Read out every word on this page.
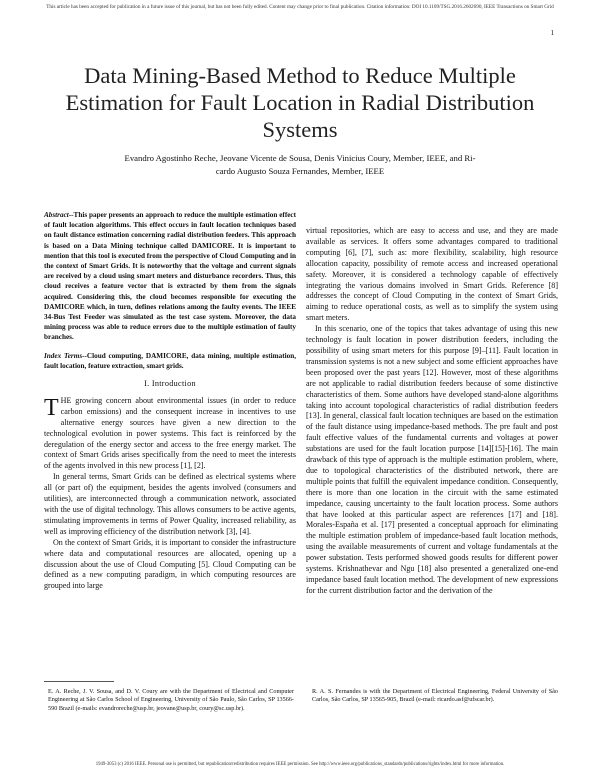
This article has been accepted for publication in a future issue of this journal, but has not been fully edited. Content may change prior to final publication. Citation information: DOI 10.1109/TSG.2016.2602690, IEEE Transactions on Smart Grid
1
Data Mining-Based Method to Reduce Multiple Estimation for Fault Location in Radial Distribution Systems
Evandro Agostinho Reche, Jeovane Vicente de Sousa, Denis Vinicius Coury, Member, IEEE, and Ri-
cardo Augusto Souza Fernandes, Member, IEEE

Abstract--This paper presents an approach to reduce the multiple estimation effect of fault location algorithms. This effect occurs in fault location techniques based on fault distance estimation concerning radial distribution feeders. This approach is based on a Data Mining technique called DAMICORE. It is important to mention that this tool is executed from the perspective of Cloud Computing and in the context of Smart Grids. It is noteworthy that the voltage and current signals are received by a cloud using smart meters and disturbance recorders. Thus, this cloud receives a feature vector that is extracted by them from the signals acquired. Considering this, the cloud becomes responsible for executing the DAMICORE which, in turn, defines relations among the faulty events. The IEEE 34-Bus Test Feeder was simulated as the test case system. Moreover, the data mining process was able to reduce errors due to the multiple estimation of faulty branches.

Index Terms--Cloud computing, DAMICORE, data mining, multiple estimation, fault location, feature extraction, smart grids.

I. Introduction

THE growing concern about environmental issues (in order to reduce carbon emissions) and the consequent increase in incentives to use alternative energy sources have given a new direction to the technological evolution in power systems. This fact is reinforced by the deregulation of the energy sector and access to the free energy market. The context of Smart Grids arises specifically from the need to meet the interests of the agents involved in this new process [1], [2].

In general terms, Smart Grids can be defined as electrical systems where all (or part of) the equipment, besides the agents involved (consumers and utilities), are interconnected through a communication network, associated with the use of digital technology. This allows consumers to be active agents, stimulating improvements in terms of Power Quality, increased reliability, as well as improving efficiency of the distribution network [3], [4].

On the context of Smart Grids, it is important to consider the infrastructure where data and computational resources are allocated, opening up a discussion about the use of Cloud Computing [5]. Cloud Computing can be defined as a new computing paradigm, in which computing resources are grouped into large

virtual repositories, which are easy to access and use, and they are made available as services. It offers some advantages compared to traditional computing [6], [7], such as: more flexibility, scalability, high resource allocation capacity, possibility of remote access and increased operational safety. Moreover, it is considered a technology capable of effectively integrating the various domains involved in Smart Grids. Reference [8] addresses the concept of Cloud Computing in the context of Smart Grids, aiming to reduce operational costs, as well as to simplify the system using smart meters.

In this scenario, one of the topics that takes advantage of using this new technology is fault location in power distribution feeders, including the possibility of using smart meters for this purpose [9]–[11]. Fault location in transmission systems is not a new subject and some efficient approaches have been proposed over the past years [12]. However, most of these algorithms are not applicable to radial distribution feeders because of some distinctive characteristics of them. Some authors have developed stand-alone algorithms taking into account topological characteristics of radial distribution feeders [13]. In general, classical fault location techniques are based on the estimation of the fault distance using impedance-based methods. The pre fault and post fault effective values of the fundamental currents and voltages at power substations are used for the fault location purpose [14][15]-[16]. The main drawback of this type of approach is the multiple estimation problem, where, due to topological characteristics of the distributed network, there are multiple points that fulfill the equivalent impedance condition. Consequently, there is more than one location in the circuit with the same estimated impedance, causing uncertainty to the fault location process. Some authors that have looked at this particular aspect are references [17] and [18]. Morales-España et al. [17] presented a conceptual approach for eliminating the multiple estimation problem of impedance-based fault location methods, using the available measurements of current and voltage fundamentals at the power substation. Tests performed showed goods results for different power systems. Krishnathevar and Ngu [18] also presented a generalized one-end impedance based fault location method. The development of new expressions for the current distribution factor and the derivation of the

E. A. Reche, J. V. Sousa, and D. V. Coury are with the Department of Electrical and Computer Engineering at São Carlos School of Engineering, University of São Paulo, São Carlos, SP 13566-590 Brazil (e-mails: evandroreche@usp.br, jeovane@usp.br, coury@sc.usp.br).
R. A. S. Fernandes is with the Department of Electrical Engineering, Federal University of São Carlos, São Carlos, SP 13565-905, Brazil (e-mail: ricardo.asf@ufscar.br).
1949-3053 (c) 2016 IEEE. Personal use is permitted, but republication/redistribution requires IEEE permission. See http://www.ieee.org/publications_standards/publications/rights/index.html for more information.
